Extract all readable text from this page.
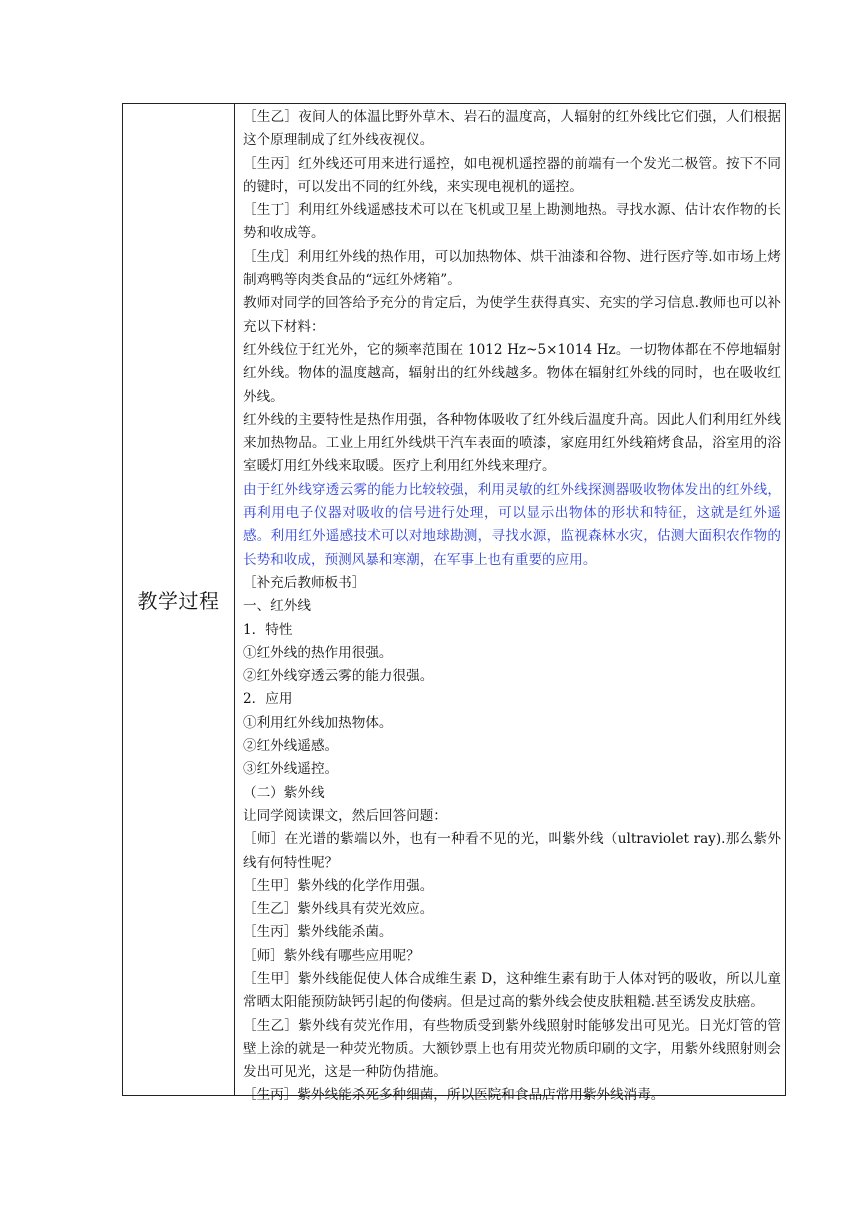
教学过程

［生乙］夜间人的体温比野外草木、岩石的温度高，人辐射的红外线比它们强，人们根据这个原理制成了红外线夜视仪。

［生丙］红外线还可用来进行遥控，如电视机遥控器的前端有一个发光二极管。按下不同的键时，可以发出不同的红外线，来实现电视机的遥控。

［生丁］利用红外线遥感技术可以在飞机或卫星上勘测地热。寻找水源、估计农作物的长势和收成等。

［生戊］利用红外线的热作用，可以加热物体、烘干油漆和谷物、进行医疗等.如市场上烤制鸡鸭等肉类食品的“远红外烤箱”。

教师对同学的回答给予充分的肯定后，为使学生获得真实、充实的学习信息.教师也可以补充以下材料：

红外线位于红光外，它的频率范围在 1012 Hz~5×1014 Hz。一切物体都在不停地辐射红外线。物体的温度越高，辐射出的红外线越多。物体在辐射红外线的同时，也在吸收红外线。

红外线的主要特性是热作用强，各种物体吸收了红外线后温度升高。因此人们利用红外线来加热物品。工业上用红外线烘干汽车表面的喷漆，家庭用红外线箱烤食品，浴室用的浴室暖灯用红外线来取暖。医疗上利用红外线来理疗。

由于红外线穿透云雾的能力比较较强，利用灵敏的红外线探测器吸收物体发出的红外线，再利用电子仪器对吸收的信号进行处理，可以显示出物体的形状和特征，这就是红外遥感。利用红外遥感技术可以对地球勘测，寻找水源，监视森林水灾，估测大面积农作物的长势和收成，预测风暴和寒潮，在军事上也有重要的应用。

［补充后教师板书］

一、红外线

1．特性

①红外线的热作用很强。

②红外线穿透云雾的能力很强。

2．应用

①利用红外线加热物体。

②红外线遥感。

③红外线遥控。

（二）紫外线

让同学阅读课文，然后回答问题：

［师］在光谱的紫端以外，也有一种看不见的光，叫紫外线（ultraviolet ray).那么紫外线有何特性呢？

［生甲］紫外线的化学作用强。

［生乙］紫外线具有荧光效应。

［生丙］紫外线能杀菌。

［师］紫外线有哪些应用呢？

［生甲］紫外线能促使人体合成维生素 D，这种维生素有助于人体对钙的吸收，所以儿童常晒太阳能预防缺钙引起的佝偻病。但是过高的紫外线会使皮肤粗糙.甚至诱发皮肤癌。

［生乙］紫外线有荧光作用，有些物质受到紫外线照射时能够发出可见光。日光灯管的管壁上涂的就是一种荧光物质。大额钞票上也有用荧光物质印刷的文字，用紫外线照射则会发出可见光，这是一种防伪措施。

［生丙］紫外线能杀死多种细菌，所以医院和食品店常用紫外线消毒。
